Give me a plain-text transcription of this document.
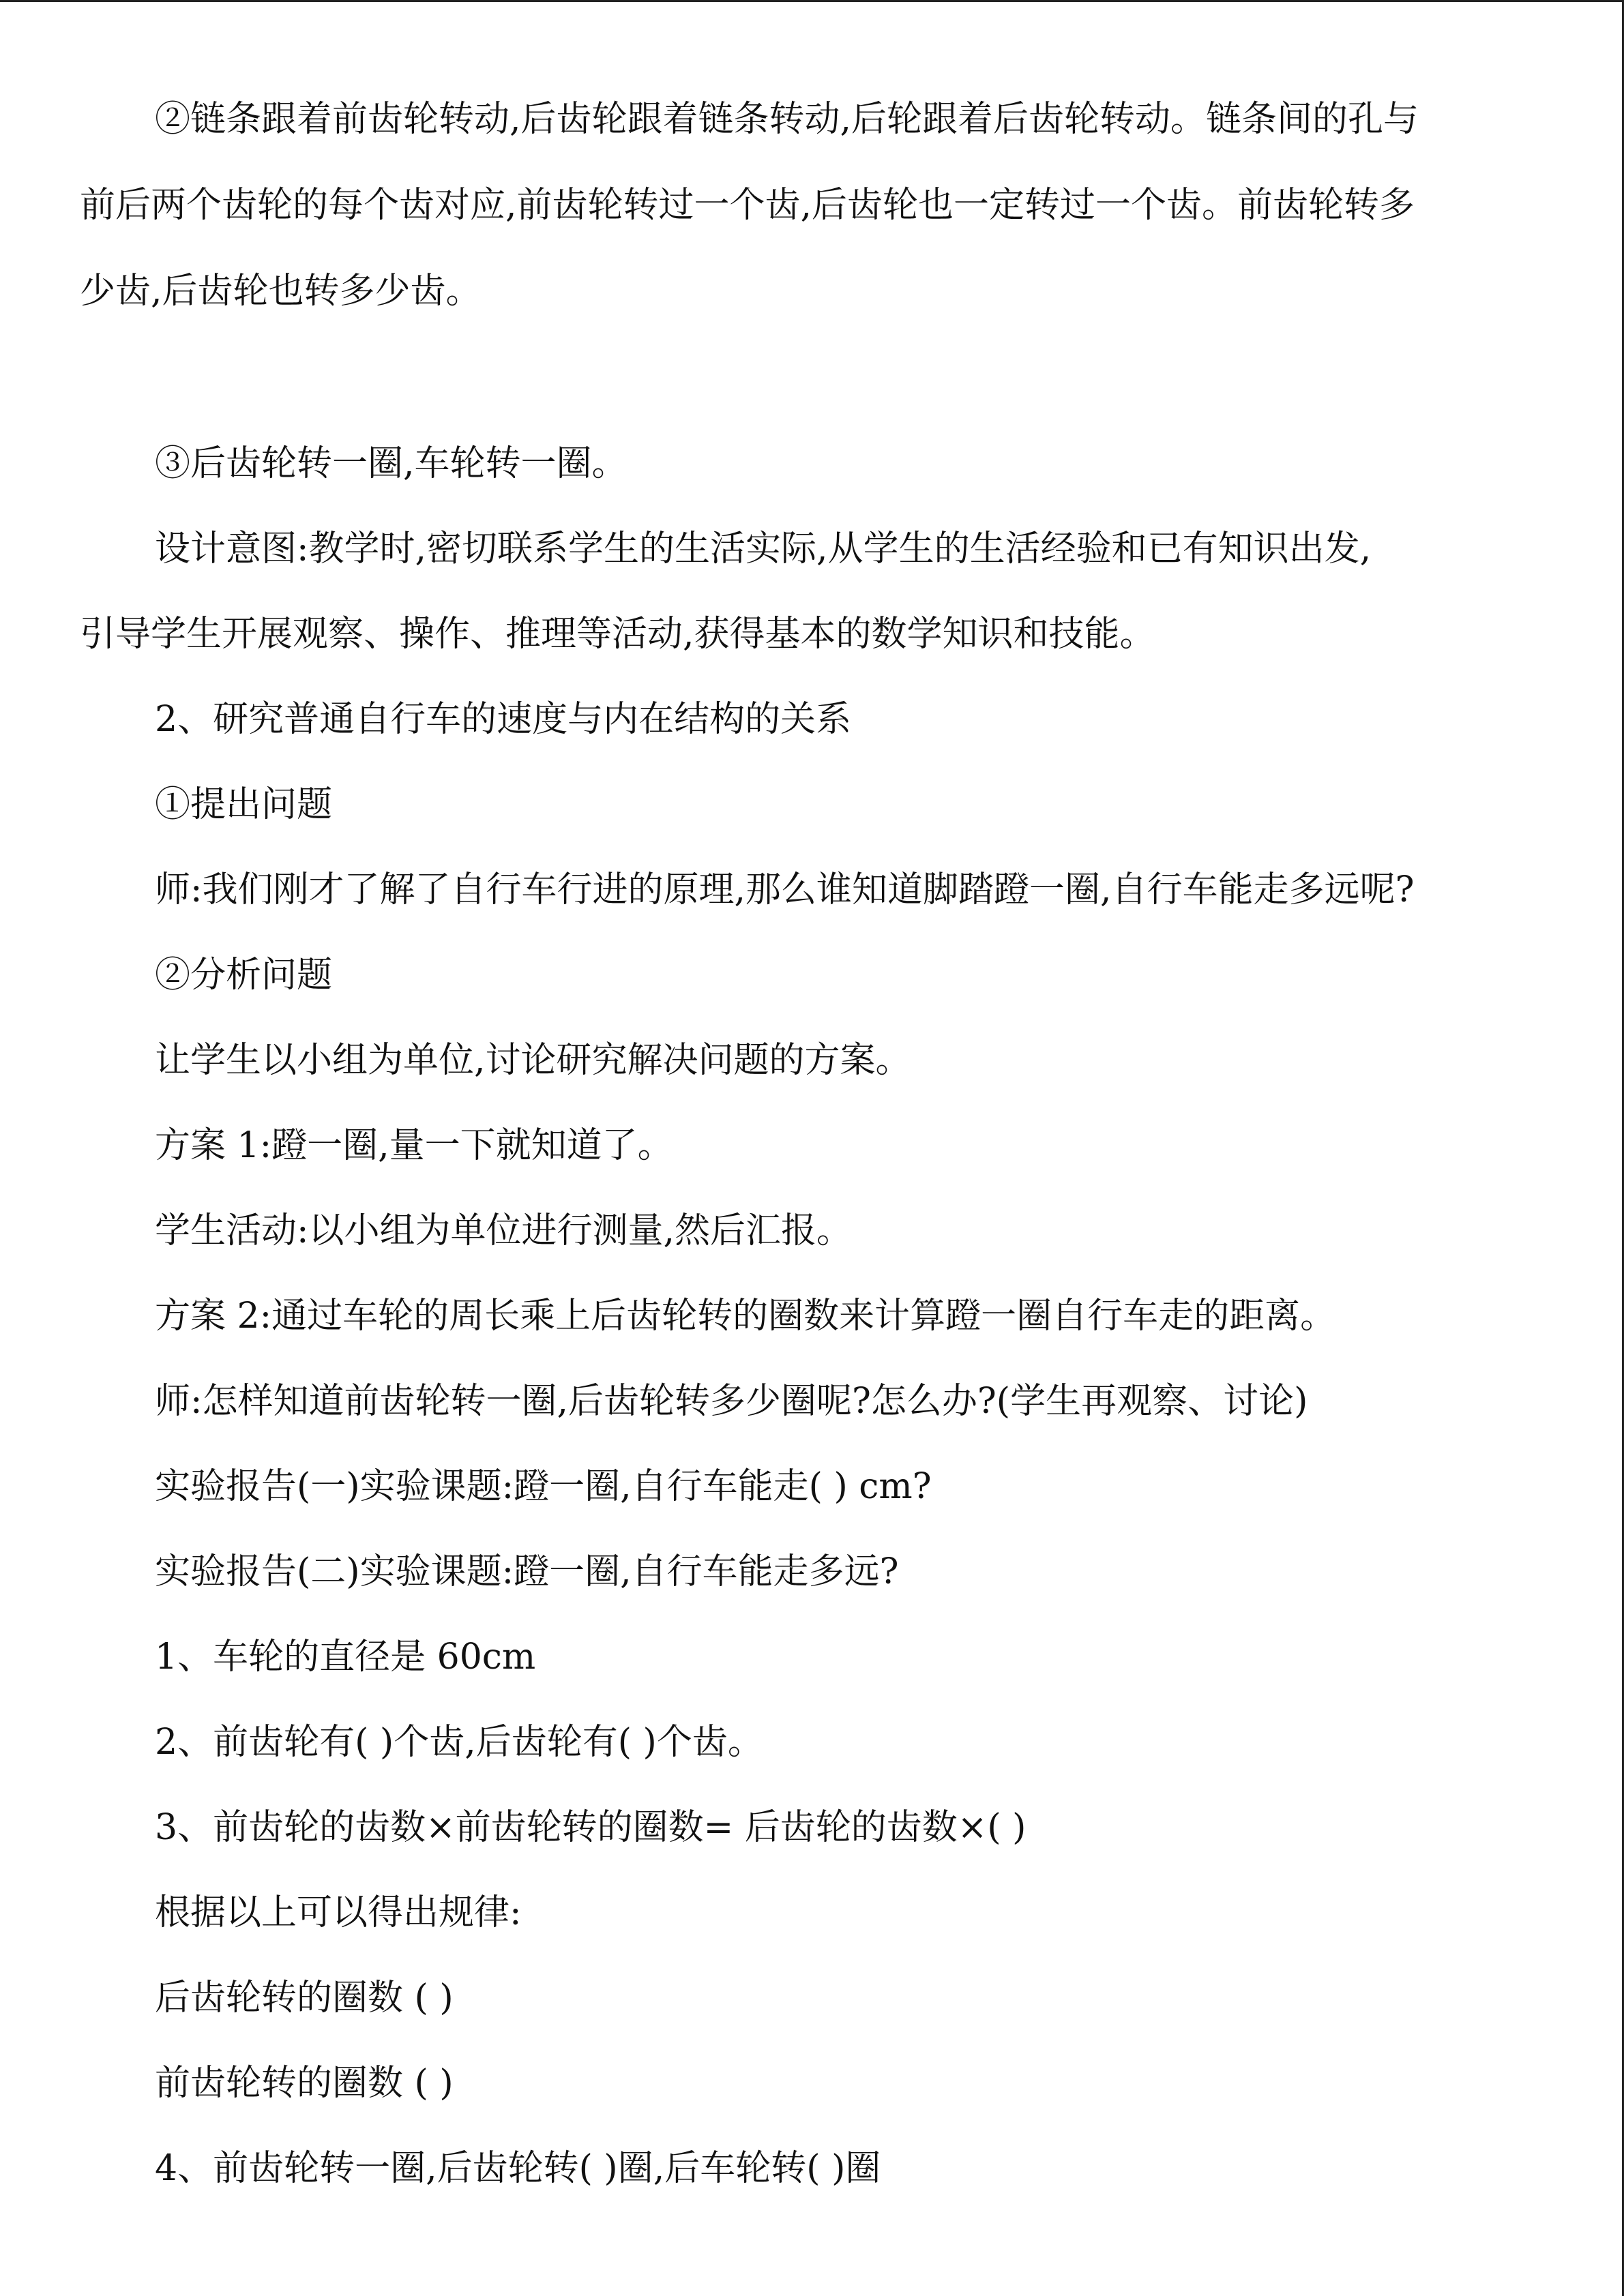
②链条跟着前齿轮转动,后齿轮跟着链条转动,后轮跟着后齿轮转动。链条间的孔与
前后两个齿轮的每个齿对应,前齿轮转过一个齿,后齿轮也一定转过一个齿。前齿轮转多
少齿,后齿轮也转多少齿。
③后齿轮转一圈,车轮转一圈。
设计意图:教学时,密切联系学生的生活实际,从学生的生活经验和已有知识出发,
引导学生开展观察、操作、推理等活动,获得基本的数学知识和技能。
2、研究普通自行车的速度与内在结构的关系
①提出问题
师:我们刚才了解了自行车行进的原理,那么谁知道脚踏蹬一圈,自行车能走多远呢?
②分析问题
让学生以小组为单位,讨论研究解决问题的方案。
方案 1:蹬一圈,量一下就知道了。
学生活动:以小组为单位进行测量,然后汇报。
方案 2:通过车轮的周长乘上后齿轮转的圈数来计算蹬一圈自行车走的距离。
师:怎样知道前齿轮转一圈,后齿轮转多少圈呢?怎么办?(学生再观察、讨论)
实验报告(一)实验课题:蹬一圈,自行车能走( ) cm?
实验报告(二)实验课题:蹬一圈,自行车能走多远?
1、车轮的直径是 60cm
2、前齿轮有( )个齿,后齿轮有( )个齿。
3、前齿轮的齿数×前齿轮转的圈数= 后齿轮的齿数×( )
根据以上可以得出规律:
后齿轮转的圈数 ( )
前齿轮转的圈数 ( )
4、前齿轮转一圈,后齿轮转( )圈,后车轮转( )圈
